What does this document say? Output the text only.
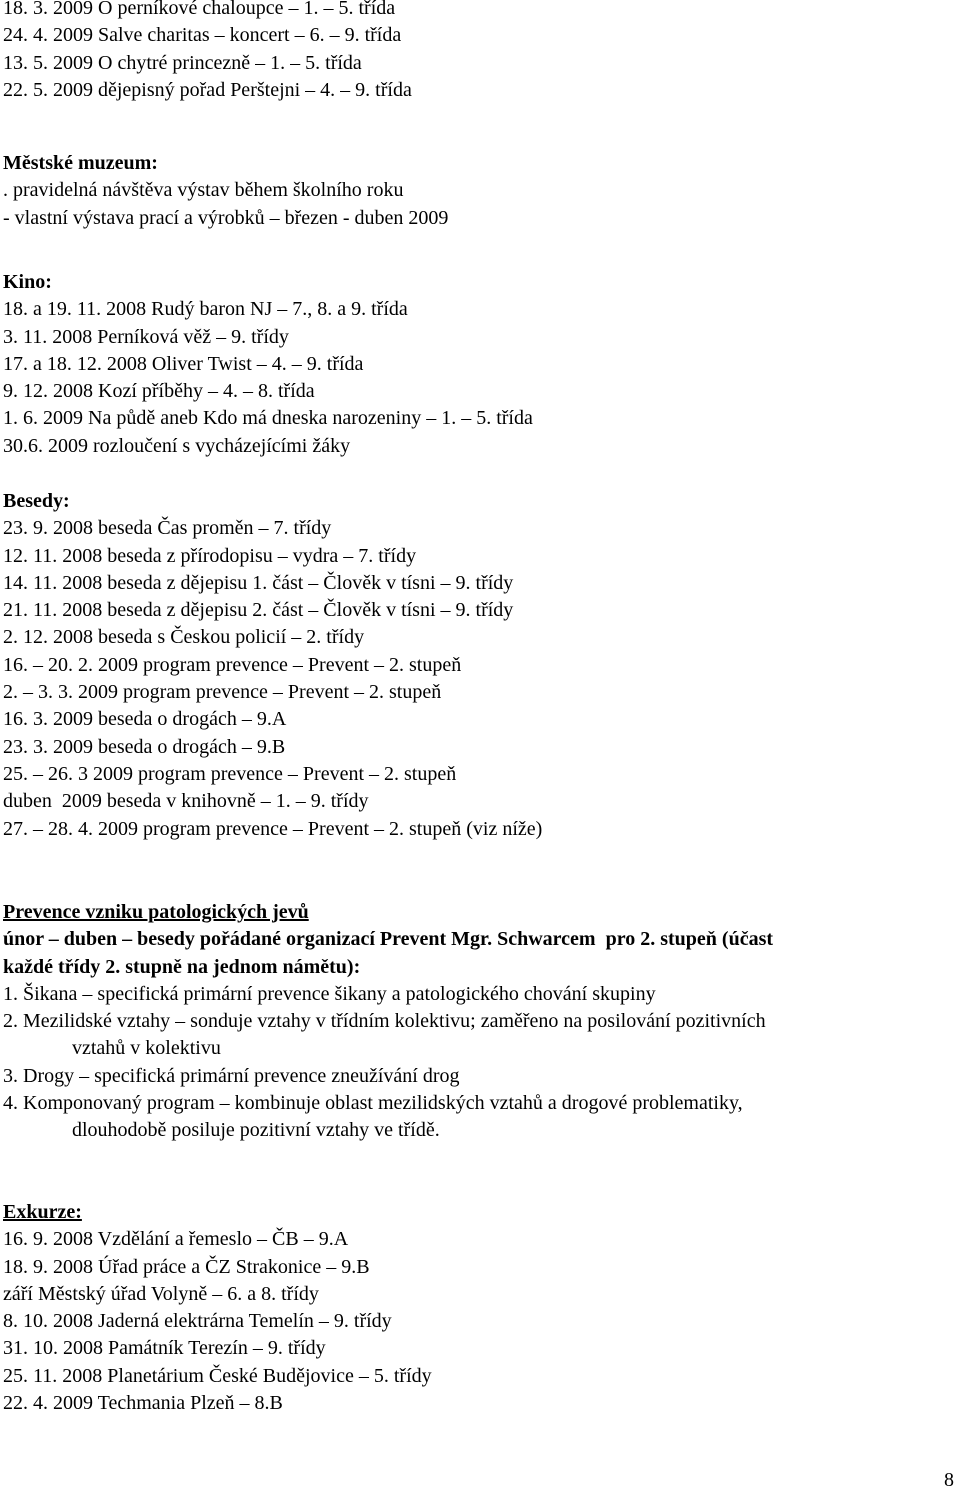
18. 3. 2009 O perníkové chaloupce – 1. – 5. třída
24. 4. 2009 Salve charitas – koncert – 6. – 9. třída
13. 5. 2009 O chytré princezně – 1. – 5. třída
22. 5. 2009 dějepisný pořad Perštejni – 4. – 9. třída
Městské muzeum:
. pravidelná návštěva výstav během školního roku
- vlastní výstava prací a výrobků – březen - duben 2009
Kino:
18. a 19. 11. 2008 Rudý baron NJ – 7., 8. a 9. třída
3. 11. 2008 Perníková věž – 9. třídy
17. a 18. 12. 2008 Oliver Twist – 4. – 9. třída
9. 12. 2008 Kozí příběhy – 4. – 8. třída
1. 6. 2009 Na půdě aneb Kdo má dneska narozeniny – 1. – 5. třída
30.6. 2009 rozloučení s vycházejícími žáky
Besedy:
23. 9. 2008 beseda Čas proměn – 7. třídy
12. 11. 2008 beseda z přírodopisu – vydra – 7. třídy
14. 11. 2008 beseda z dějepisu 1. část – Člověk v tísni – 9. třídy
21. 11. 2008 beseda z dějepisu 2. část – Člověk v tísni – 9. třídy
2. 12. 2008 beseda s Českou policií – 2. třídy
16. – 20. 2. 2009 program prevence – Prevent – 2. stupeň
2. – 3. 3. 2009 program prevence – Prevent – 2. stupeň
16. 3. 2009 beseda o drogách – 9.A
23. 3. 2009 beseda o drogách – 9.B
25. – 26. 3 2009 program prevence – Prevent – 2. stupeň
duben  2009 beseda v knihovně – 1. – 9. třídy
27. – 28. 4. 2009 program prevence – Prevent – 2. stupeň (viz níže)
Prevence vzniku patologických jevů
únor – duben – besedy pořádané organizací Prevent Mgr. Schwarcem  pro 2. stupeň (účast
každé třídy 2. stupně na jednom námětu):
1. Šikana – specifická primární prevence šikany a patologického chování skupiny
2. Mezilidské vztahy – sonduje vztahy v třídním kolektivu; zaměřeno na posilování pozitivních
vztahů v kolektivu
3. Drogy – specifická primární prevence zneužívání drog
4. Komponovaný program – kombinuje oblast mezilidských vztahů a drogové problematiky,
dlouhodobě posiluje pozitivní vztahy ve třídě.
Exkurze:
16. 9. 2008 Vzdělání a řemeslo – ČB – 9.A
18. 9. 2008 Úřad práce a ČZ Strakonice – 9.B
září Městský úřad Volyně – 6. a 8. třídy
8. 10. 2008 Jaderná elektrárna Temelín – 9. třídy
31. 10. 2008 Památník Terezín – 9. třídy
25. 11. 2008 Planetárium České Budějovice – 5. třídy
22. 4. 2009 Techmania Plzeň – 8.B
8
